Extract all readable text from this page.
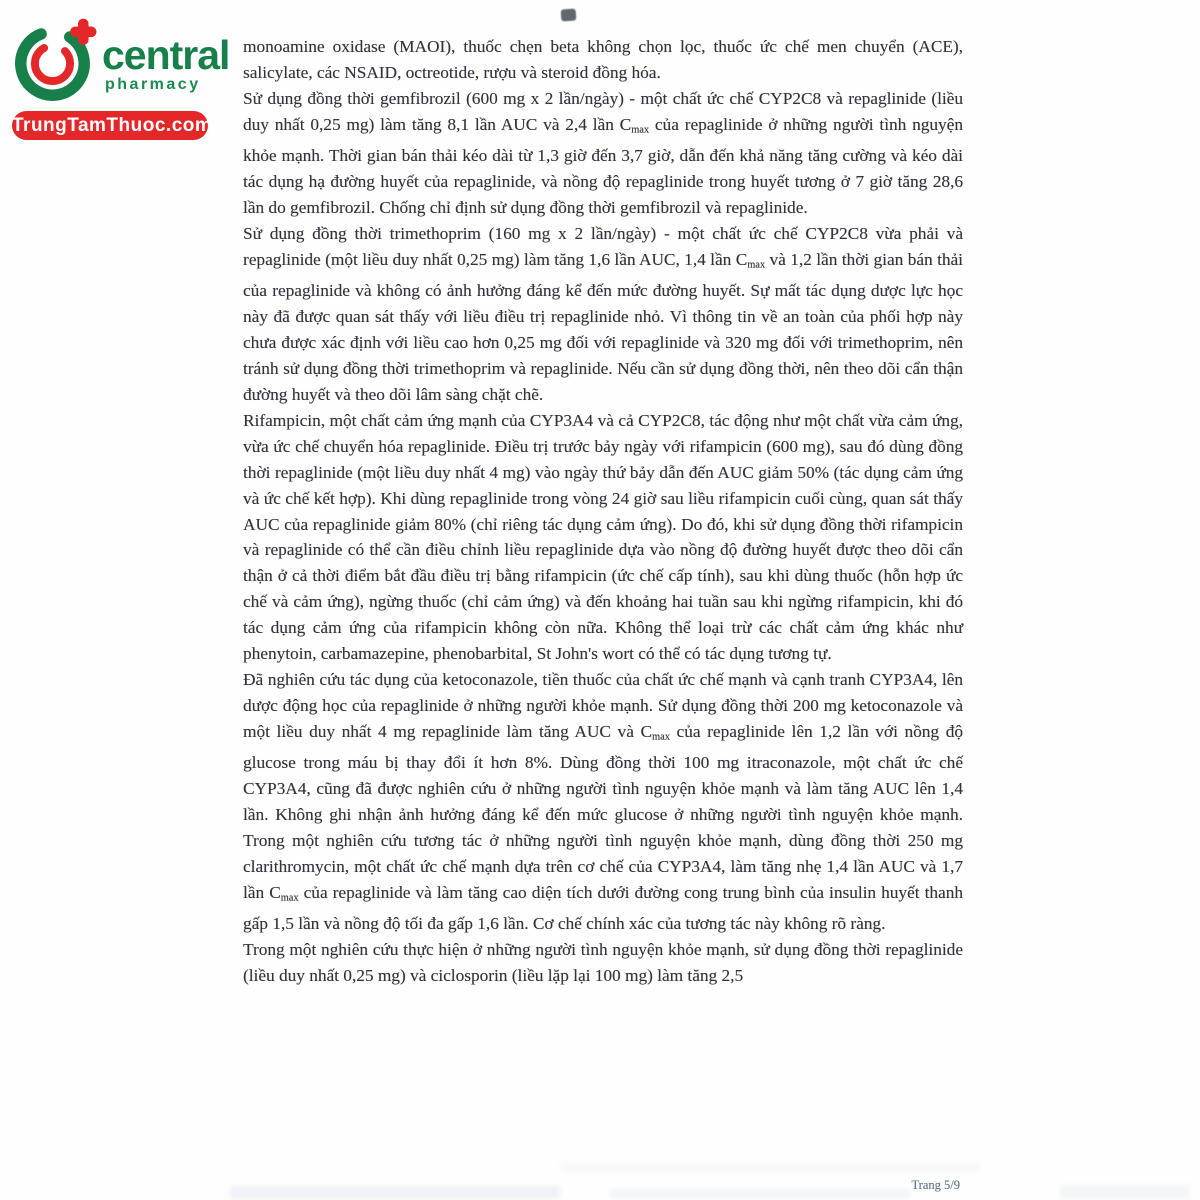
central
pharmacy
TrungTamThuoc.com

monoamine oxidase (MAOI), thuốc chẹn beta không chọn lọc, thuốc ức chế men chuyển (ACE), salicylate, các NSAID, octreotide, rượu và steroid đồng hóa.

Sử dụng đồng thời gemfibrozil (600 mg x 2 lần/ngày) - một chất ức chế CYP2C8 và repaglinide (liều duy nhất 0,25 mg) làm tăng 8,1 lần AUC và 2,4 lần $C_{max}$ của repaglinide ở những người tình nguyện khỏe mạnh. Thời gian bán thải kéo dài từ 1,3 giờ đến 3,7 giờ, dẫn đến khả năng tăng cường và kéo dài tác dụng hạ đường huyết của repaglinide, và nồng độ repaglinide trong huyết tương ở 7 giờ tăng 28,6 lần do gemfibrozil. Chống chỉ định sử dụng đồng thời gemfibrozil và repaglinide.

Sử dụng đồng thời trimethoprim (160 mg x 2 lần/ngày) - một chất ức chế CYP2C8 vừa phải và repaglinide (một liều duy nhất 0,25 mg) làm tăng 1,6 lần AUC, 1,4 lần $C_{max}$ và 1,2 lần thời gian bán thải của repaglinide và không có ảnh hưởng đáng kể đến mức đường huyết. Sự mất tác dụng dược lực học này đã được quan sát thấy với liều điều trị repaglinide nhỏ. Vì thông tin về an toàn của phối hợp này chưa được xác định với liều cao hơn 0,25 mg đối với repaglinide và 320 mg đối với trimethoprim, nên tránh sử dụng đồng thời trimethoprim và repaglinide. Nếu cần sử dụng đồng thời, nên theo dõi cẩn thận đường huyết và theo dõi lâm sàng chặt chẽ.

Rifampicin, một chất cảm ứng mạnh của CYP3A4 và cả CYP2C8, tác động như một chất vừa cảm ứng, vừa ức chế chuyển hóa repaglinide. Điều trị trước bảy ngày với rifampicin (600 mg), sau đó dùng đồng thời repaglinide (một liều duy nhất 4 mg) vào ngày thứ bảy dẫn đến AUC giảm 50% (tác dụng cảm ứng và ức chế kết hợp). Khi dùng repaglinide trong vòng 24 giờ sau liều rifampicin cuối cùng, quan sát thấy AUC của repaglinide giảm 80% (chỉ riêng tác dụng cảm ứng). Do đó, khi sử dụng đồng thời rifampicin và repaglinide có thể cần điều chỉnh liều repaglinide dựa vào nồng độ đường huyết được theo dõi cẩn thận ở cả thời điểm bắt đầu điều trị bằng rifampicin (ức chế cấp tính), sau khi dùng thuốc (hỗn hợp ức chế và cảm ứng), ngừng thuốc (chỉ cảm ứng) và đến khoảng hai tuần sau khi ngừng rifampicin, khi đó tác dụng cảm ứng của rifampicin không còn nữa. Không thể loại trừ các chất cảm ứng khác như phenytoin, carbamazepine, phenobarbital, St John's wort có thể có tác dụng tương tự.

Đã nghiên cứu tác dụng của ketoconazole, tiền thuốc của chất ức chế mạnh và cạnh tranh CYP3A4, lên dược động học của repaglinide ở những người khỏe mạnh. Sử dụng đồng thời 200 mg ketoconazole và một liều duy nhất 4 mg repaglinide làm tăng AUC và $C_{max}$ của repaglinide lên 1,2 lần với nồng độ glucose trong máu bị thay đổi ít hơn 8%. Dùng đồng thời 100 mg itraconazole, một chất ức chế CYP3A4, cũng đã được nghiên cứu ở những người tình nguyện khỏe mạnh và làm tăng AUC lên 1,4 lần. Không ghi nhận ảnh hưởng đáng kể đến mức glucose ở những người tình nguyện khỏe mạnh. Trong một nghiên cứu tương tác ở những người tình nguyện khỏe mạnh, dùng đồng thời 250 mg clarithromycin, một chất ức chế mạnh dựa trên cơ chế của CYP3A4, làm tăng nhẹ 1,4 lần AUC và 1,7 lần $C_{max}$ của repaglinide và làm tăng cao diện tích dưới đường cong trung bình của insulin huyết thanh gấp 1,5 lần và nồng độ tối đa gấp 1,6 lần. Cơ chế chính xác của tương tác này không rõ ràng.

Trong một nghiên cứu thực hiện ở những người tình nguyện khỏe mạnh, sử dụng đồng thời repaglinide (liều duy nhất 0,25 mg) và ciclosporin (liều lặp lại 100 mg) làm tăng 2,5

Trang 5/9
